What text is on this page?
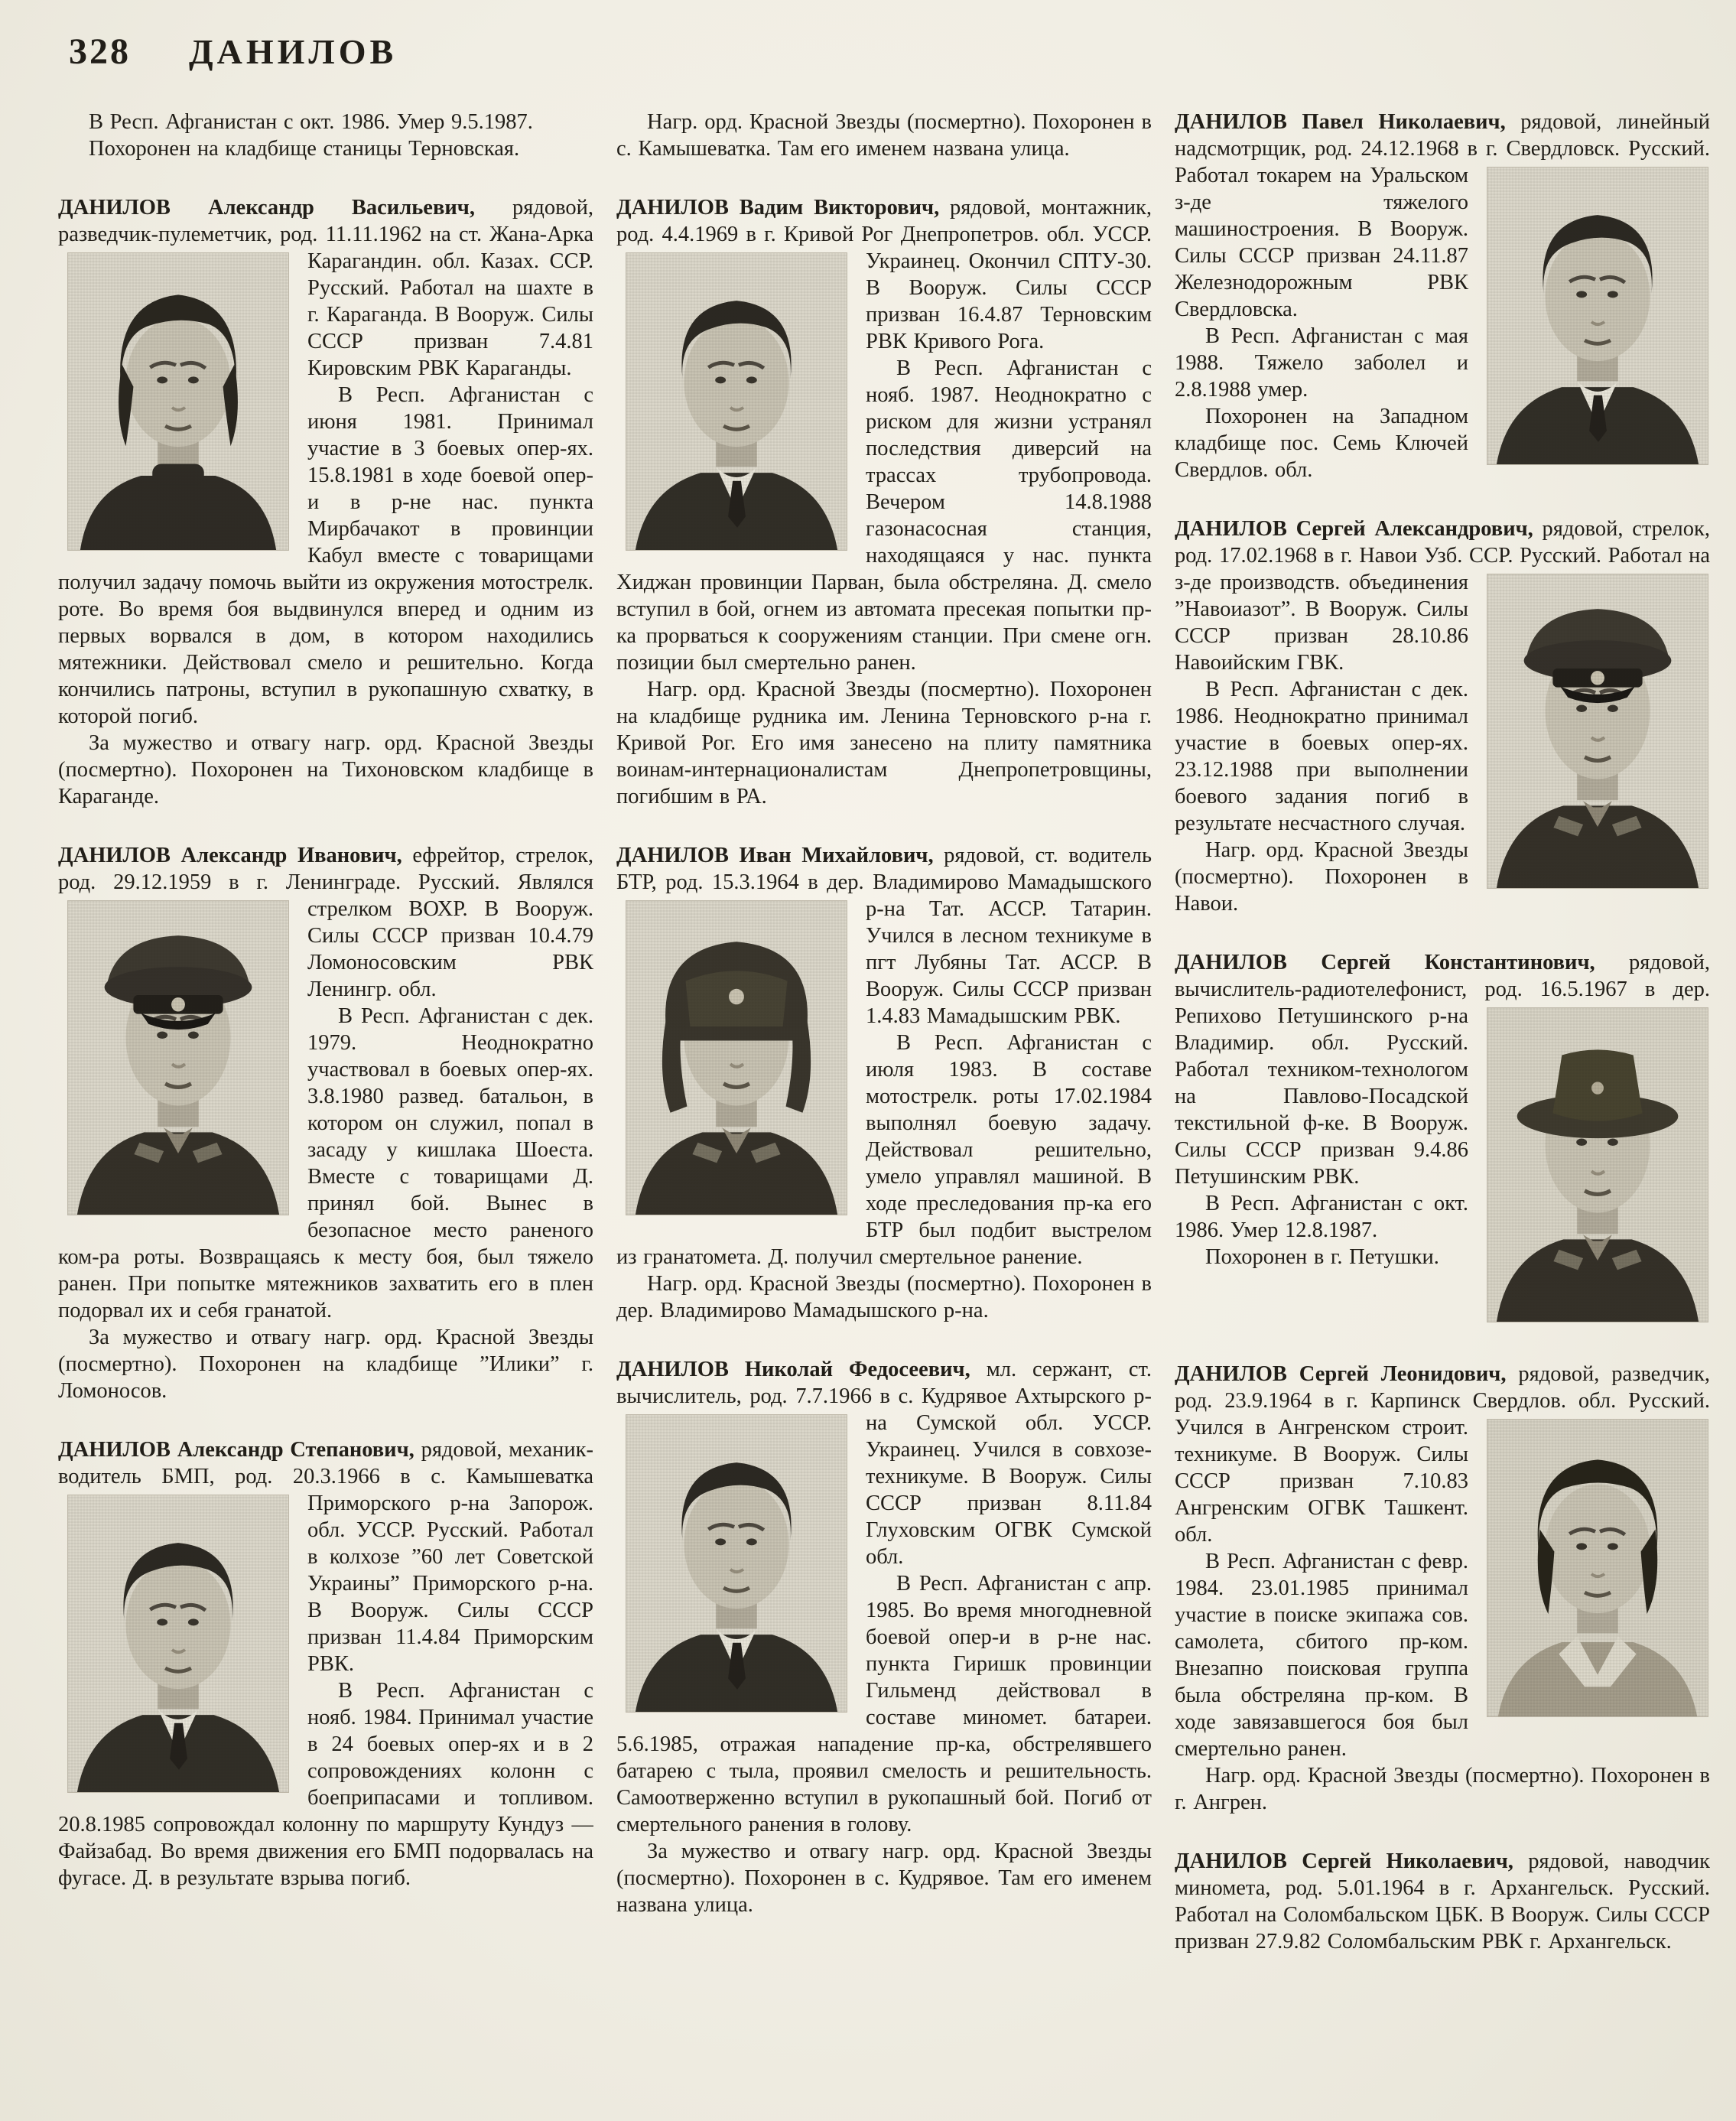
328 ДАНИЛОВ

В Респ. Афганистан с окт. 1986. Умер 9.5.1987.

Похоронен на кладбище станицы Терновская.

ДАНИЛОВ Александр Васильевич, рядовой, разведчик-пулеметчик, род. 11.11.1962 на ст. Жана-Арка Карагандин. обл. Казах. ССР. Русский. Работал на шахте в г. Караганда. В Вооруж. Силы СССР призван 7.4.81 Кировским РВК Караганды.

В Респ. Афганистан с июня 1981. Принимал участие в 3 боевых опер-ях. 15.8.1981 в ходе боевой опер-и в р-не нас. пункта Мирбачакот в провинции Кабул вместе с товарищами получил задачу помочь выйти из окружения мотострелк. роте. Во время боя выдвинулся вперед и одним из первых ворвался в дом, в котором находились мятежники. Действовал смело и решительно. Когда кончились патроны, вступил в рукопашную схватку, в которой погиб.

За мужество и отвагу нагр. орд. Красной Звезды (посмертно). Похоронен на Тихоновском кладбище в Караганде.

ДАНИЛОВ Александр Иванович, ефрейтор, стрелок, род. 29.12.1959 в г. Ленинграде. Русский. Являлся стрелком ВОХР. В Вооруж. Силы СССР призван 10.4.79 Ломоносовским РВК Ленингр. обл.

В Респ. Афганистан с дек. 1979. Неоднократно участвовал в боевых опер-ях. 3.8.1980 развед. батальон, в котором он служил, попал в засаду у кишлака Шоеста. Вместе с товарищами Д. принял бой. Вынес в безопасное место раненого ком-ра роты. Возвращаясь к месту боя, был тяжело ранен. При попытке мятежников захватить его в плен подорвал их и себя гранатой.

За мужество и отвагу нагр. орд. Красной Звезды (посмертно). Похоронен на кладбище ”Илики” г. Ломоносов.

ДАНИЛОВ Александр Степанович, рядовой, механик-водитель БМП, род. 20.3.1966 в с. Камышеватка Приморского р-на Запорож. обл. УССР. Русский. Работал в колхозе ”60 лет Советской Украины” Приморского р-на. В Вооруж. Силы СССР призван 11.4.84 Приморским РВК.

В Респ. Афганистан с нояб. 1984. Принимал участие в 24 боевых опер-ях и в 2 сопровождениях колонн с боеприпасами и топливом. 20.8.1985 сопровождал колонну по маршруту Кундуз — Файзабад. Во время движения его БМП подорвалась на фугасе. Д. в результате взрыва погиб.

Нагр. орд. Красной Звезды (посмертно). Похоронен в с. Камышеватка. Там его именем названа улица.

ДАНИЛОВ Вадим Викторович, рядовой, монтажник, род. 4.4.1969 в г. Кривой Рог Днепропетров. обл. УССР. Украинец. Окончил СПТУ-30. В Вооруж. Силы СССР призван 16.4.87 Терновским РВК Кривого Рога.

В Респ. Афганистан с нояб. 1987. Неоднократно с риском для жизни устранял последствия диверсий на трассах трубопровода. Вечером 14.8.1988 газонасосная станция, находящаяся у нас. пункта Хиджан провинции Парван, была обстреляна. Д. смело вступил в бой, огнем из автомата пресекая попытки пр-ка прорваться к сооружениям станции. При смене огн. позиции был смертельно ранен.

Нагр. орд. Красной Звезды (посмертно). Похоронен на кладбище рудника им. Ленина Терновского р-на г. Кривой Рог. Его имя занесено на плиту памятника воинам-интернационалистам Днепропетровщины, погибшим в РА.

ДАНИЛОВ Иван Михайлович, рядовой, ст. водитель БТР, род. 15.3.1964 в дер. Владимирово Мамадышского р-на Тат. АССР. Татарин. Учился в лесном техникуме в пгт Лубяны Тат. АССР. В Вооруж. Силы СССР призван 1.4.83 Мамадышским РВК.

В Респ. Афганистан с июля 1983. В составе мотострелк. роты 17.02.1984 выполнял боевую задачу. Действовал решительно, умело управлял машиной. В ходе преследования пр-ка его БТР был подбит выстрелом из гранатомета. Д. получил смертельное ранение.

Нагр. орд. Красной Звезды (посмертно). Похоронен в дер. Владимирово Мамадышского р-на.

ДАНИЛОВ Николай Федосеевич, мл. сержант, ст. вычислитель, род. 7.7.1966 в с. Кудрявое Ахтырского р-на Сумской обл. УССР. Украинец. Учился в совхозе-техникуме. В Вооруж. Силы СССР призван 8.11.84 Глуховским ОГВК Сумской обл.

В Респ. Афганистан с апр. 1985. Во время многодневной боевой опер-и в р-не нас. пункта Гиришк провинции Гильменд действовал в составе миномет. батареи. 5.6.1985, отражая нападение пр-ка, обстрелявшего батарею с тыла, проявил смелость и решительность. Самоотверженно вступил в рукопашный бой. Погиб от смертельного ранения в голову.

За мужество и отвагу нагр. орд. Красной Звезды (посмертно). Похоронен в с. Кудрявое. Там его именем названа улица.

ДАНИЛОВ Павел Николаевич, рядовой, линейный надсмотрщик, род. 24.12.1968 в г. Свердловск. Русский. Работал токарем на Уральском з-де тяжелого машиностроения. В Вооруж. Силы СССР призван 24.11.87 Железнодорожным РВК Свердловска.

В Респ. Афганистан с мая 1988. Тяжело заболел и 2.8.1988 умер.

Похоронен на Западном кладбище пос. Семь Ключей Свердлов. обл.

ДАНИЛОВ Сергей Александрович, рядовой, стрелок, род. 17.02.1968 в г. Навои Узб. ССР. Русский. Работал на з-де производств. объединения ”Навоиазот”. В Вооруж. Силы СССР призван 28.10.86 Навоийским ГВК.

В Респ. Афганистан с дек. 1986. Неоднократно принимал участие в боевых опер-ях. 23.12.1988 при выполнении боевого задания погиб в результате несчастного случая.

Нагр. орд. Красной Звезды (посмертно). Похоронен в Навои.

ДАНИЛОВ Сергей Константинович, рядовой, вычислитель-радиотелефонист, род. 16.5.1967 в дер. Репихово Петушинского р-на Владимир. обл. Русский. Работал техником-технологом на Павлово-Посадской текстильной ф-ке. В Вооруж. Силы СССР призван 9.4.86 Петушинским РВК.

В Респ. Афганистан с окт. 1986. Умер 12.8.1987.

Похоронен в г. Петушки.

ДАНИЛОВ Сергей Леонидович, рядовой, разведчик, род. 23.9.1964 в г. Карпинск Свердлов. обл. Русский. Учился в Ангренском строит. техникуме. В Вооруж. Силы СССР призван 7.10.83 Ангренским ОГВК Ташкент. обл.

В Респ. Афганистан с февр. 1984. 23.01.1985 принимал участие в поиске экипажа сов. самолета, сбитого пр-ком. Внезапно поисковая группа была обстреляна пр-ком. В ходе завязавшегося боя был смертельно ранен.

Нагр. орд. Красной Звезды (посмертно). Похоронен в г. Ангрен.

ДАНИЛОВ Сергей Николаевич, рядовой, наводчик миномета, род. 5.01.1964 в г. Архангельск. Русский. Работал на Соломбальском ЦБК. В Вооруж. Силы СССР призван 27.9.82 Соломбальским РВК г. Архангельск.
